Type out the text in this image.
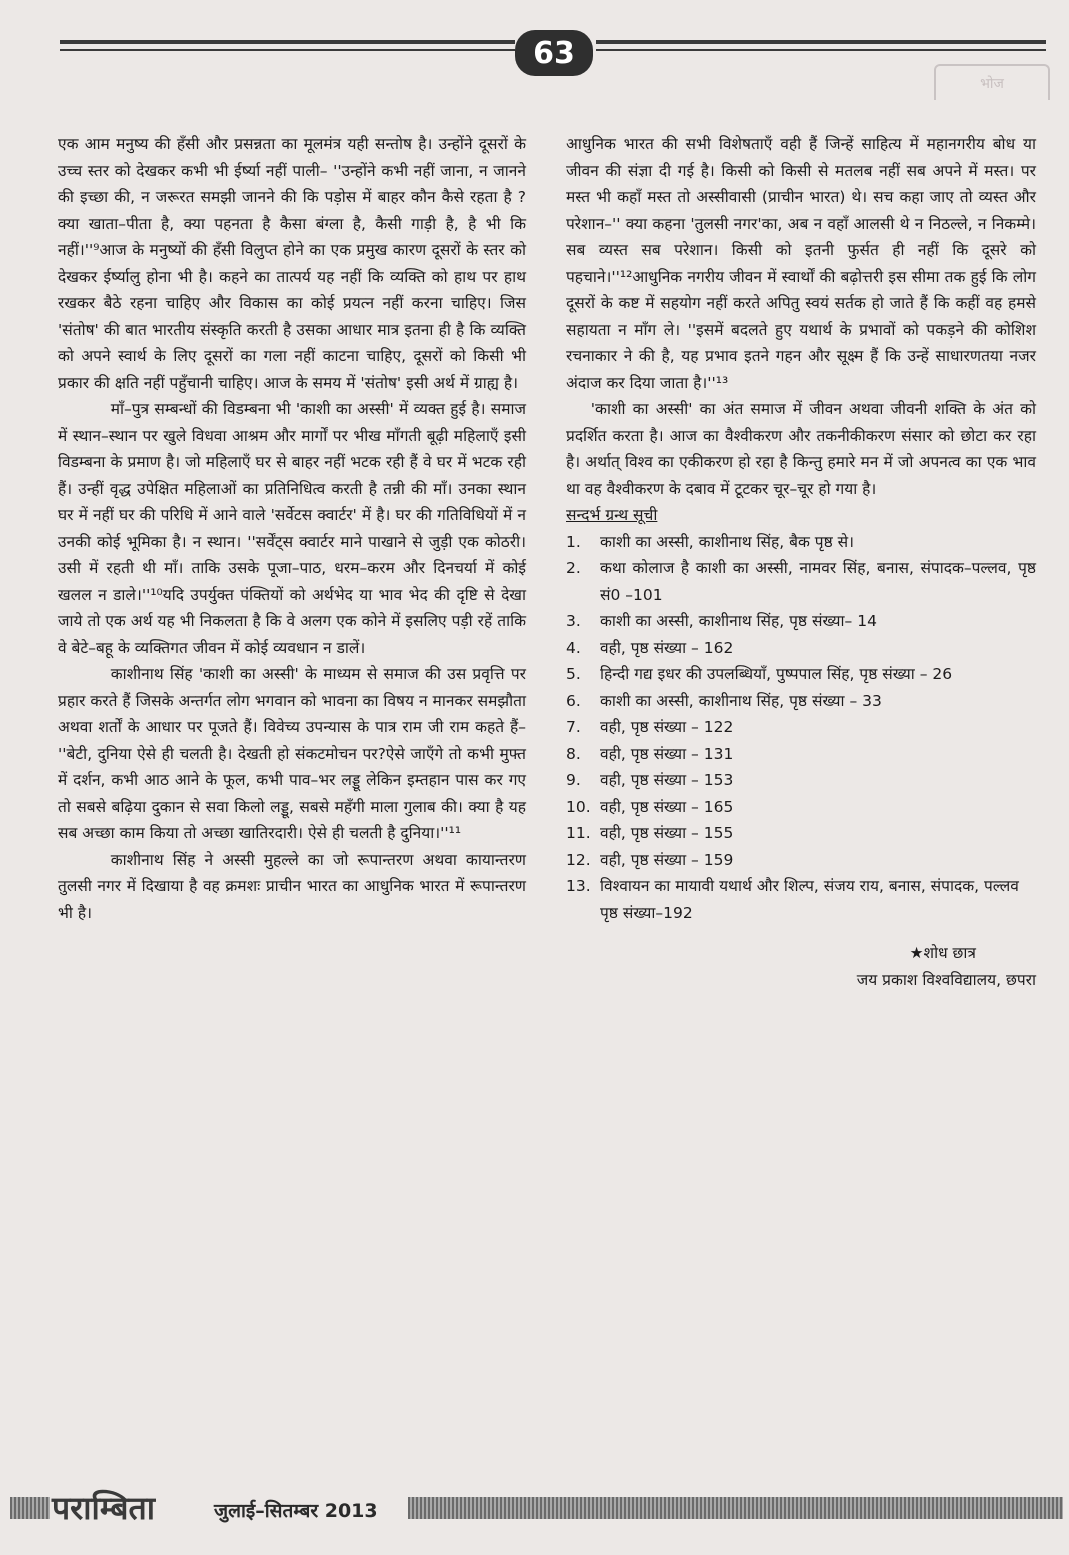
63
भोज

एक आम मनुष्य की हँसी और प्रसन्नता का मूलमंत्र यही सन्तोष है। उन्होंने दूसरों के उच्च स्तर को देखकर कभी भी ईर्ष्या नहीं पाली– ''उन्होंने कभी नहीं जाना, न जानने की इच्छा की, न जरूरत समझी जानने की कि पड़ोस में बाहर कौन कैसे रहता है ?क्या खाता–पीता है, क्या पहनता है कैसा बंग्ला है, कैसी गाड़ी है, है भी कि नहीं।''⁹आज के मनुष्यों की हँसी विलुप्त होने का एक प्रमुख कारण दूसरों के स्तर को देखकर ईर्ष्यालु होना भी है। कहने का तात्पर्य यह नहीं कि व्यक्ति को हाथ पर हाथ रखकर बैठे रहना चाहिए और विकास का कोई प्रयत्न नहीं करना चाहिए। जिस 'संतोष' की बात भारतीय संस्कृति करती है उसका आधार मात्र इतना ही है कि व्यक्ति को अपने स्वार्थ के लिए दूसरों का गला नहीं काटना चाहिए, दूसरों को किसी भी प्रकार की क्षति नहीं पहुँचानी चाहिए। आज के समय में 'संतोष' इसी अर्थ में ग्राह्य है।

माँ–पुत्र सम्बन्धों की विडम्बना भी 'काशी का अस्सी' में व्यक्त हुई है। समाज में स्थान–स्थान पर खुले विधवा आश्रम और मार्गों पर भीख माँगती बूढ़ी महिलाएँ इसी विडम्बना के प्रमाण है। जो महिलाएँ घर से बाहर नहीं भटक रही हैं वे घर में भटक रही हैं। उन्हीं वृद्ध उपेक्षित महिलाओं का प्रतिनिधित्व करती है तन्नी की माँ। उनका स्थान घर में नहीं घर की परिधि में आने वाले 'सर्वेटस क्वार्टर' में है। घर की गतिविधियों में न उनकी कोई भूमिका है। न स्थान। ''सर्वेंट्स क्वार्टर माने पाखाने से जुड़ी एक कोठरी। उसी में रहती थी माँ। ताकि उसके पूजा–पाठ, धरम–करम और दिनचर्या में कोई खलल न डाले।''¹⁰यदि उपर्युक्त पंक्तियों को अर्थभेद या भाव भेद की दृष्टि से देखा जाये तो एक अर्थ यह भी निकलता है कि वे अलग एक कोने में इसलिए पड़ी रहें ताकि वे बेटे–बहू के व्यक्तिगत जीवन में कोई व्यवधान न डालें।

काशीनाथ सिंह 'काशी का अस्सी' के माध्यम से समाज की उस प्रवृत्ति पर प्रहार करते हैं जिसके अन्तर्गत लोग भगवान को भावना का विषय न मानकर समझौता अथवा शर्तों के आधार पर पूजते हैं। विवेच्य उपन्यास के पात्र राम जी राम कहते हैं– ''बेटी, दुनिया ऐसे ही चलती है। देखती हो संकटमोचन पर?ऐसे जाएँगे तो कभी मुफ्त में दर्शन, कभी आठ आने के फूल, कभी पाव–भर लड्डू लेकिन इम्तहान पास कर गए तो सबसे बढ़िया दुकान से सवा किलो लड्डू, सबसे महँगी माला गुलाब की। क्या है यह सब अच्छा काम किया तो अच्छा खातिरदारी। ऐसे ही चलती है दुनिया।''¹¹

काशीनाथ सिंह ने अस्सी मुहल्ले का जो रूपान्तरण अथवा कायान्तरण तुलसी नगर में दिखाया है वह क्रमशः प्राचीन भारत का आधुनिक भारत में रूपान्तरण भी है।

आधुनिक भारत की सभी विशेषताएँ वही हैं जिन्हें साहित्य में महानगरीय बोध या जीवन की संज्ञा दी गई है। किसी को किसी से मतलब नहीं सब अपने में मस्त। पर मस्त भी कहाँ मस्त तो अस्सीवासी (प्राचीन भारत) थे। सच कहा जाए तो व्यस्त और परेशान–'' क्या कहना 'तुलसी नगर'का, अब न वहाँ आलसी थे न निठल्ले, न निकम्मे। सब व्यस्त सब परेशान। किसी को इतनी फुर्सत ही नहीं कि दूसरे को पहचाने।''¹²आधुनिक नगरीय जीवन में स्वार्थों की बढ़ोत्तरी इस सीमा तक हुई कि लोग दूसरों के कष्ट में सहयोग नहीं करते अपितु स्वयं सर्तक हो जाते हैं कि कहीं वह हमसे सहायता न माँग ले। ''इसमें बदलते हुए यथार्थ के प्रभावों को पकड़ने की कोशिश रचनाकार ने की है, यह प्रभाव इतने गहन और सूक्ष्म हैं कि उन्हें साधारणतया नजर अंदाज कर दिया जाता है।''¹³

'काशी का अस्सी' का अंत समाज में जीवन अथवा जीवनी शक्ति के अंत को प्रदर्शित करता है। आज का वैश्वीकरण और तकनीकीकरण संसार को छोटा कर रहा है। अर्थात् विश्व का एकीकरण हो रहा है किन्तु हमारे मन में जो अपनत्व का एक भाव था वह वैश्वीकरण के दबाव में टूटकर चूर–चूर हो गया है।

सन्दर्भ ग्रन्थ सूची

1.	काशी का अस्सी, काशीनाथ सिंह, बैक पृष्ठ से।
2.	कथा कोलाज है काशी का अस्सी, नामवर सिंह, बनास, संपादक–पल्लव, पृष्ठ सं0 –101
3.	काशी का अस्सी, काशीनाथ सिंह, पृष्ठ संख्या– 14
4.	वही, पृष्ठ संख्या – 162
5.	हिन्दी गद्य इधर की उपलब्धियाँ, पुष्पपाल सिंह, पृष्ठ संख्या – 26
6.	काशी का अस्सी, काशीनाथ सिंह, पृष्ठ संख्या – 33
7.	वही, पृष्ठ संख्या – 122
8.	वही, पृष्ठ संख्या – 131
9.	वही, पृष्ठ संख्या – 153
10. वही, पृष्ठ संख्या – 165
11. वही, पृष्ठ संख्या – 155
12. वही, पृष्ठ संख्या – 159
13. विश्वायन का मायावी यथार्थ और शिल्प, संजय राय, बनास, संपादक, पल्लव पृष्ठ संख्या–192
★शोध छात्र
जय प्रकाश विश्वविद्यालय, छपरा
पराम्बिता	जुलाई–सितम्बर 2013
